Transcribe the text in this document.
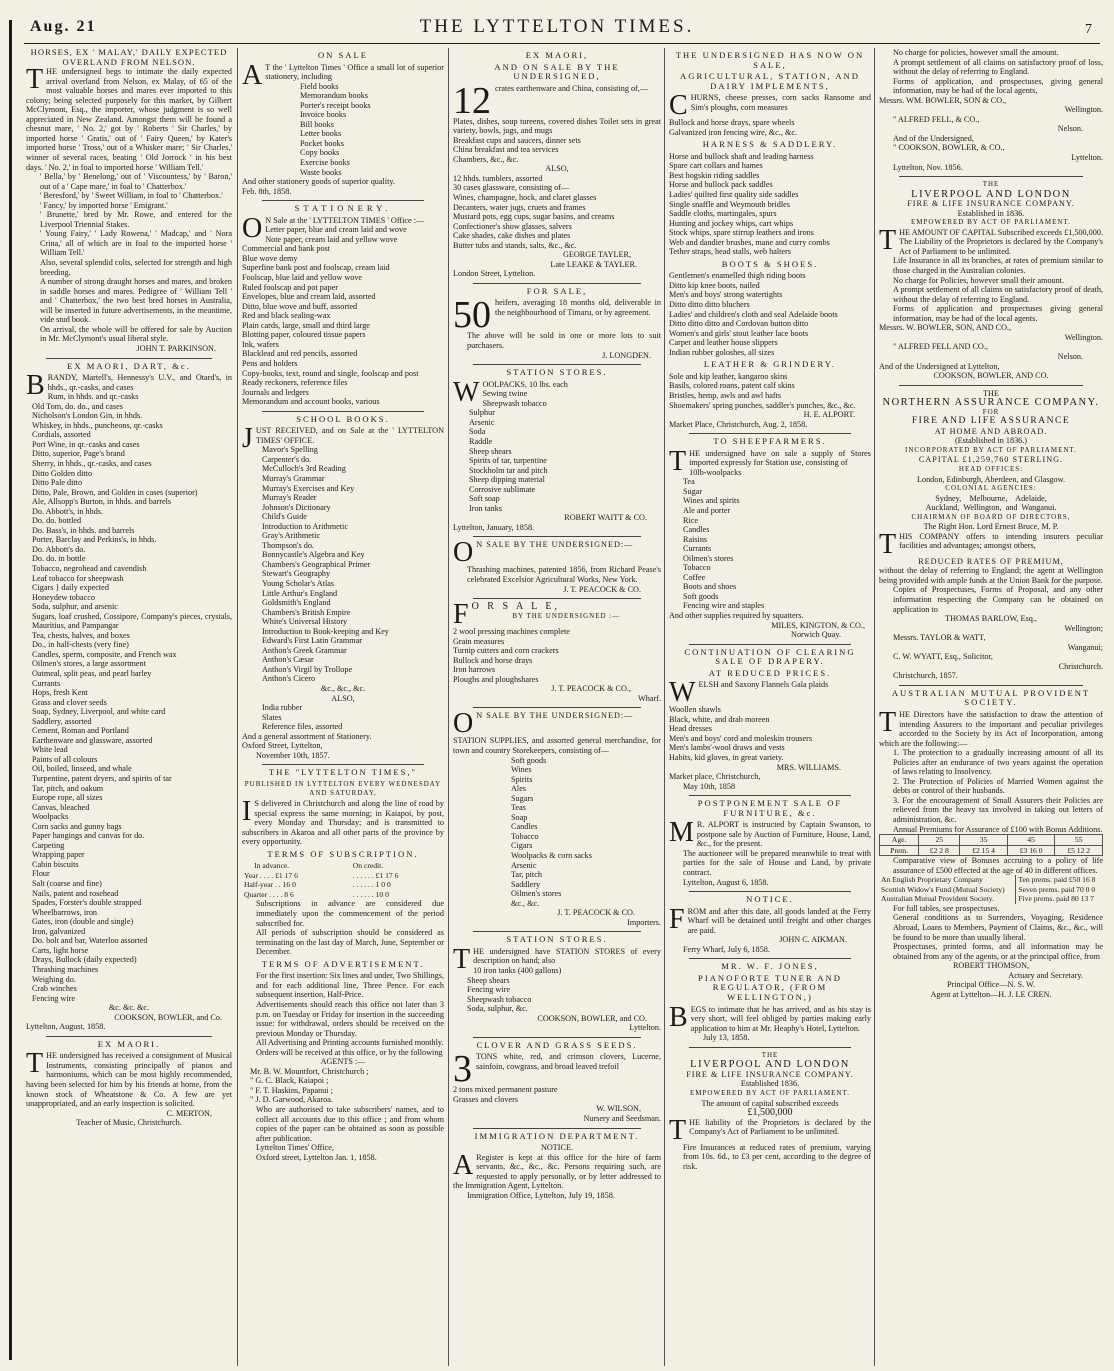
Aug. 21	THE LYTTELTON TIMES.	7

HORSES, EX ' MALAY,' DAILY EXPECTED OVERLAND FROM NELSON.

THE undersigned begs to intimate the daily expected arrival overland from Nelson, ex Malay, of 65 of the most valuable horses and mares ever imported to this colony; being selected purposely for this market, by Gilbert McClymont, Esq., the importer, whose judgment is so well appreciated in New Zealand. Amongst them will be found a chesnut mare, ' No. 2,' got by ' Roberts ' Sir Charles,' by imported horse ' Gratis,' out of ' Fairy Queen,' by Kater's imported horse ' Tross,' out of a Whisker mare; ' Sir Charles,' winner of several races, beating ' Old Jorrock ' in his best days. ' No. 2,' in foal to imported horse ' William Tell.'

' Bella,' by ' Benelong,' out of ' Viscountess,' by ' Baron,' out of a ' Cape mare,' in foal to ' Chatterbox.'

' Beresford,' by ' Sweet William, in foal to ' Chatterbox.'

' Fancy,' by imported horse ' Emigrant.'

' Brunette,' bred by Mr. Rowe, and entered for the Liverpool Triennial Stakes.

' Young Fairy,' ' Lady Rowena,' ' Madcap,' and ' Nora Crina,' all of which are in foal to the imported horse ' William Tell.'

Also, several splendid colts, selected for strength and high breeding.

A number of strong draught horses and mares, and broken in saddle horses and mares. Pedigree of ' William Tell ' and ' Chatterbox,' the two best bred horses in Australia, will be inserted in future advertisements, in the meantime, vide stud book.

On arrival, the whole will be offered for sale by Auction in Mr. McClymont's usual liberal style.

JOHN T. PARKINSON.

EX MAORI, DART, &c.

BRANDY, Martell's, Hennessy's U.V., and Otard's, in hhds., qr.-casks, and cases

Rum, in hhds. and qr.-casks

Old Tom, do. do., and cases

Nicholson's London Gin, in hhds.

Whiskey, in hhds., puncheons, qr.-casks

Cordials, assorted

Port Wine, in qr.-casks and cases

Ditto, superior, Page's brand

Sherry, in hhds., qr.-casks, and cases

Ditto Golden ditto

Ditto Pale ditto

Ditto, Pale, Brown, and Golden in cases (superior)

Ale, Allsopp's Burton, in hhds. and barrels

Do. Abbott's, in hhds.

Do. do. bottled

Do. Bass's, in hhds. and barrels

Porter, Barclay and Perkins's, in hhds.

Do. Abbott's do.

Do. do. in bottle

Tobacco, negrohead and cavendish

Leaf tobacco for sheepwash

Cigars } daily expected

Honeydew tobacco

Soda, sulphur, and arsenic

Sugars, loaf crushed, Cossipore, Company's pieces, crystals, Mauritius, and Pampangar

Tea, chests, halves, and boxes

Do., in half-chests (very fine)

Candles, sperm, composite, and French wax

Oilmen's stores, a large assortment

Oatmeal, split peas, and pearl barley

Currants

Hops, fresh Kent

Grass and clover seeds

Soap, Sydney, Liverpool, and white card

Saddlery, assorted

Cement, Roman and Portland

Earthenware and glassware, assorted

White lead

Paints of all colours

Oil, boiled, linseed, and whale

Turpentine, patent dryers, and spirits of tar

Tar, pitch, and oakum

Europe rope, all sizes

Canvas, bleached

Woolpacks

Corn sacks and gunny bags

Paper hangings and canvas for do.

Carpeting

Wrapping paper

Cabin biscuits

Flour

Salt (coarse and fine)

Nails, patent and rosehead

Spades, Forster's double strapped

Wheelbarrows, iron

Gates, iron (double and single)

Iron, galvanized

Do. bolt and bar, Waterloo assorted

Carts, light horse

Drays, Bullock (daily expected)

Thrashing machines

Weighing do.

Crab winches

Fencing wire

&c. &c. &c.

COOKSON, BOWLER, and Co.

Lyttelton, August, 1858.

EX MAORI.

THE undersigned has received a consignment of Musical Instruments, consisting principally of pianos and harmoniums, which can be most highly recommended, having been selected for him by his friends at home, from the known stock of Wheatstone & Co. A few are yet unappropriated, and an early inspection is solicited.

C. MERTON,

Teacher of Music, Christchurch.

ON SALE

A T the ' Lyttelton Times ' Office a small lot of superior stationery, including

Field books

Memorandum books

Porter's receipt books

Invoice books

Bill books

Letter books

Pocket books

Copy books

Exercise books

Waste books

And other stationery goods of superior quality.

Feb. 8th, 1858.

STATIONERY.

O N Sale at the ' LYTTELTON TIMES ' Office :—

Letter paper, blue and cream laid and wove

Note paper, cream laid and yellow wove

Commercial and bank post

Blue wove demy

Superfine bank post and foolscap, cream laid

Foolscap, blue laid and yellow wove

Ruled foolscap and pot paper

Envelopes, blue and cream laid, assorted

Ditto, blue wove and buff, assorted

Red and black sealing-wax

Plain cards, large, small and third large

Blotting paper, coloured tissue papers

Ink, wafers

Blacklead and red pencils, assorted

Pens and holders

Copy-books, text, round and single, foolscap and post

Ready reckoners, reference files

Journals and ledgers

Memorandum and account books, various

SCHOOL BOOKS.

JUST RECEIVED, and on Sale at the ' LYTTELTON TIMES' OFFICE.

Mavor's Spelling

Carpenter's do.

McCulloch's 3rd Reading

Murray's Grammar

Murray's Exercises and Key

Murray's Reader

Johnson's Dictionary

Child's Guide

Introduction to Arithmetic

Gray's Arithmetic

Thompson's do.

Bonnycastle's Algebra and Key

Chambers's Geographical Primer

Stewart's Geography

Young Scholar's Atlas

Little Arthur's England

Goldsmith's England

Chambers's British Empire

White's Universal History

Introduction to Book-keeping and Key

Edward's First Latin Grammar

Anthon's Greek Grammar

Anthon's Cæsar

Anthon's Virgil by Trollope

Anthon's Cicero

&c., &c., &c.

ALSO,

India rubber

Slates

Reference files, assorted

And a general assortment of Stationery.

Oxford Street, Lyttelton,

November 10th, 1857.

THE "LYTTELTON TIMES,"

PUBLISHED IN LYTTELTON EVERY WEDNESDAY AND SATURDAY,

I S delivered in Christchurch and along the line of road by special express the same morning; in Kaiapoi, by post, every Monday and Thursday; and is transmitted to subscribers in Akaroa and all other parts of the province by every opportunity.

TERMS OF SUBSCRIPTION.

	In advance.	On credit.
Year . . . . £1 17 6		. . . . . . £1 17 6
Half-year . . 16 0		. . . . . . 1 0 0
Quarter . . . . 8 6		. . . . . . 10 0

Subscriptions in advance are considered due immediately upon the commencement of the period subscribed for.

All periods of subscription should be considered as terminating on the last day of March, June, September or December.

TERMS OF ADVERTISEMENT.

For the first insertion: Six lines and under, Two Shillings, and for each additional line, Three Pence. For each subsequent insertion, Half-Price.

Advertisements should reach this office not later than 3 p.m. on Tuesday or Friday for insertion in the succeeding issue: for withdrawal, orders should be received on the previous Monday or Thursday.

All Advertising and Printing accounts furnished monthly.

Orders will be received at this office, or by the following

AGENTS :—

Mr. B. W. Mountfort, Christchurch ;

" G. C. Black, Kaiapoi ;

" F. T. Haskins, Papanui ;

" J. D. Garwood, Akaroa.

Who are authorised to take subscribers' names, and to collect all accounts due to this office ; and from whom copies of the paper can be obtained as soon as possible after publication.

Lyttelton Times' Office,

Oxford street, Lyttelton Jan. 1, 1858.

EX MAORI,

AND ON SALE BY THE UNDERSIGNED,

12 crates earthenware and China, consisting of,—

Plates, dishes, soup tureens, covered dishes Toilet sets in great variety, bowls, jugs, and mugs

Breakfast cups and saucers, dinner sets

China breakfast and tea services

Chambers, &c., &c.

ALSO,

12 hhds. tumblers, assorted

30 cases glassware, consisting of—

Wines, champagne, hock, and claret glasses

Decanters, water jugs, cruets and frames

Mustard pots, egg cups, sugar basins, and creams

Confectioner's show glasses, salvers

Cake shades, cake dishes and plates

Butter tubs and stands, salts, &c., &c.

GEORGE TAYLER,

Late LEAKE & TAYLER.

London Street, Lyttelton.

FOR SALE,

50 heifers, averaging 18 months old, deliverable in the neighbourhood of Timaru, or by agreement.

The above will be sold in one or more lots to suit purchasers.

J. LONGDEN.

STATION STORES.

WOOLPACKS, 10 lbs. each

Sewing twine

Sheepwash tobacco

Sulphur

Arsenic

Soda

Raddle

Sheep shears

Spirits of tar, turpentine

Stockholm tar and pitch

Sheep dipping material

Corrosive sublimate

Soft soap

Iron tanks

ROBERT WAITT & CO.

Lyttelton, January, 1858.

O N SALE BY THE UNDERSIGNED:—

Thrashing machines, patented 1856, from Richard Pease's celebrated Excelsior Agricultural Works, New York.

J. T. PEACOCK & CO.

F O R S A L E,

BY THE UNDERSIGNED :—

2 wool pressing machines complete

Grain measures

Turnip cutters and corn crackers

Bullock and horse drays

Iron harrows

Ploughs and ploughshares

J. T. PEACOCK & CO.,

Wharf.

O N SALE BY THE UNDERSIGNED:—

STATION SUPPLIES, and assorted general merchandise, for town and country Storekeepers, consisting of—

Soft goods

Wines

Spirits

Ales

Sugars

Teas

Soap

Candles

Tobacco

Cigars

Woolpacks & corn sacks

Arsenic

Tar, pitch

Saddlery

Oilmen's stores

&c., &c.

J. T. PEACOCK & CO.

Importers.

STATION STORES.

THE undersigned have STATION STORES of every description on hand; also

10 iron tanks (400 gallons)

Sheep shears

Fencing wire

Sheepwash tobacco

Soda, sulphur, &c.

COOKSON, BOWLER, and CO.

Lyttelton.

CLOVER AND GRASS SEEDS.

3 TONS white, red, and crimson clovers, Lucerne, sainfoin, cowgrass, and broad leaved trefoil

2 tons mixed permanent pasture

Grasses and clovers

W. WILSON,

Nursery and Seedsman.

IMMIGRATION DEPARTMENT.

NOTICE.

A Register is kept at this office for the hire of farm servants, &c., &c., &c. Persons requiring such, are requested to apply personally, or by letter addressed to the Immigration Agent, Lyttelton.

Immigration Office, Lyttelton, July 19, 1858.

THE UNDERSIGNED HAS NOW ON SALE,

AGRICULTURAL, STATION, AND DAIRY IMPLEMENTS,

CHURNS, cheese presses, corn sacks Ransome and Sim's ploughs, corn measures

Bullock and horse drays, spare wheels

Galvanized iron fencing wire, &c., &c.

HARNESS & SADDLERY.

Horse and bullock shaft and leading harness

Spare cart collars and hames

Best hogskin riding saddles

Horse and bullock pack saddles

Ladies' quilted first quality side saddles

Single snaffle and Weymouth bridles

Saddle cloths, martingales, spurs

Hunting and jockey whips, cart whips

Stock whips, spare stirrup leathers and irons

Web and dandier brushes, mane and curry combs

Tether straps, head stalls, web halters

BOOTS & SHOES.

Gentlemen's enamelled thigh riding boots

Ditto kip knee boots, nailed

Men's and boys' strong watertights

Ditto ditto ditto bluchers

Ladies' and children's cloth and seal Adelaide boots

Ditto ditto ditto and Cordovan button ditto

Women's and girls' stout leather lace boots

Carpet and leather house slippers

Indian rubber goloshes, all sizes

LEATHER & GRINDERY.

Sole and kip leather, kangaroo skins

Basils, colored roans, patent calf skins

Bristles, hemp, awls and awl hafts

Shoemakers' spring punches, saddler's punches, &c., &c.

H. E. ALPORT.

Market Place, Christchurch, Aug. 2, 1858.

TO SHEEPFARMERS.

THE undersigned have on sale a supply of Stores imported expressly for Station use, consisting of

10lb-woolpacks

Tea

Sugar

Wines and spirits

Ale and porter

Rice

Candles

Raisins

Currants

Oilmen's stores

Tobacco

Coffee

Boots and shoes

Soft goods

Fencing wire and staples

And other supplies required by squatters.

MILES, KINGTON, & CO.,

Norwich Quay.

CONTINUATION OF CLEARING SALE OF DRAPERY.

AT REDUCED PRICES.

WELSH and Saxony Flannels Gala plaids

Woollen shawls

Black, white, and drab moreen

Head dresses

Men's and boys' cord and moleskin trousers

Men's lambs'-wool draws and vests

Habits, kid gloves, in great variety.

MRS. WILLIAMS.

Market place, Christchurch,

May 10th, 1858

POSTPONEMENT SALE OF FURNITURE, &c.

M R. ALPORT is instructed by Captain Swanson, to postpone sale by Auction of Furniture, House, Land, &c., for the present.

The auctioneer will be prepared meanwhile to treat with parties for the sale of House and Land, by private contract.

Lyttelton, August 6, 1858.

NOTICE.

FROM and after this date, all goods landed at the Ferry Wharf will be detained until freight and other charges are paid.

JOHN C. AIKMAN.

Ferry Wharf, July 6, 1858.

MR. W. F. JONES,

PIANOFORTE TUNER AND REGULATOR, (FROM WELLINGTON,)

BEGS to intimate that he has arrived, and as his stay is very short, will feel obliged by parties making early application to him at Mr. Heaphy's Hotel, Lyttelton.

July 13, 1858.

THE

LIVERPOOL AND LONDON

FIRE & LIFE INSURANCE COMPANY.

Established 1836.

EMPOWERED BY ACT OF PARLIAMENT.

The amount of capital subscribed exceeds

£1,500,000

THE liability of the Proprietors is declared by the Company's Act of Parliament to be unlimited.

Fire Insurances at reduced rates of premium, varying from 10s. 6d., to £3 per cent, according to the degree of risk.

No charge for policies, however small the amount.

A prompt settlement of all claims on satisfactory proof of loss, without the delay of referring to England.

Forms of application, and prospectuses, giving general information, may be had of the local agents,

Messrs. WM. BOWLER, SON & CO.,

Wellington.

" ALFRED FELL, & CO.,

Nelson.

And of the Undersigned,

" COOKSON, BOWLER, & CO.,

Lyttelton.

Lyttelton, Nov. 1856.

THE

LIVERPOOL AND LONDON

FIRE & LIFE INSURANCE COMPANY.

Established in 1836.

EMPOWERED BY ACT OF PARLIAMENT.

THE AMOUNT OF CAPITAL Subscribed exceeds £1,500,000. The Liability of the Proprietors is declared by the Company's Act of Parliament to be unlimited.

Life Insurance in all its branches, at rates of premium similar to those charged in the Australian colonies.

No charge for Policies, however small their amount.

A prompt settlement of all claims on satisfactory proof of death, without the delay of referring to England.

Forms of application and prospectuses giving general information, may be had of the local agents.

Messrs. W. BOWLER, SON, AND CO.,

Wellington.

" ALFRED FELL AND CO.,

Nelson.

And of the Undersigned at Lyttelton,

COOKSON, BOWLER, AND CO.

THE

NORTHERN ASSURANCE COMPANY.

FOR

FIRE AND LIFE ASSURANCE

AT HOME AND ABROAD.

(Established in 1836.)

INCORPORATED BY ACT OF PARLIAMENT.

CAPITAL £1,259,760 STERLING.

HEAD OFFICES:

London, Edinburgh, Aberdeen, and Glasgow.

COLONIAL AGENCIES:

Sydney,    Melbourne,    Adelaide,

Auckland,  Wellington,  and  Wanganui.

CHAIRMAN OF BOARD OF DIRECTORS,

The Right Hon. Lord Ernest Bruce, M. P.

THIS COMPANY offers to intending insurers peculiar facilities and advantages; amongst others,

REDUCED RATES OF PREMIUM,

without the delay of referring to England; the agent at Wellington being provided with ample funds at the Union Bank for the purpose.

Copies of Prospectuses, Forms of Proposal, and any other information respecting the Company can be obtained on application to

THOMAS BARLOW, Esq.,

Wellington;

Messrs. TAYLOR & WATT,

Wanganui;

C. W. WYATT, Esq., Solicitor,

Christchurch.

Christchurch, 1857.

AUSTRALIAN MUTUAL PROVIDENT SOCIETY.

THE Directors have the satisfaction to draw the attention of intending Assurers to the important and peculiar privileges accorded to the Society by its Act of Incorporation, among which are the following:—

1. The protection to a gradually increasing amount of all its Policies after an endurance of two years against the operation of laws relating to Insolvency.

2. The Protection of Policies of Married Women against the debts or control of their husbands.

3. For the encouragement of Small Assurers their Policies are relieved from the heavy tax involved in taking out letters of administration, &c.

Annual Premiums for Assurance of £100 with Bonus Additions.

Age.	25	35	45	55
Prem.	£2 2 8	£2 15 4	£3 16 0	£5 12 2

Comparative view of Bonuses accruing to a policy of life assurance of £500 effected at the age of 40 in different offices.

An English Proprietary Company	Ten prems. paid £50 16 8
Scottish Widow's Fund (Mutual Society)	Seven prems. paid 70 0 0
Australian Mutual Provident Society.	Five prems. paid 80 13 7

For full tables, see prospectuses.

General conditions as to Surrenders, Voyaging, Residence Abroad, Loans to Members, Payment of Claims, &c., &c., will be found to be more than usually liberal.

Prospectuses, printed forms, and all information may be obtained from any of the agents, or at the principal office, from

ROBERT THOMSON,

Actuary and Secretary.

Principal Office—N. S. W.

Agent at Lyttelton—H. J. LE CREN.
